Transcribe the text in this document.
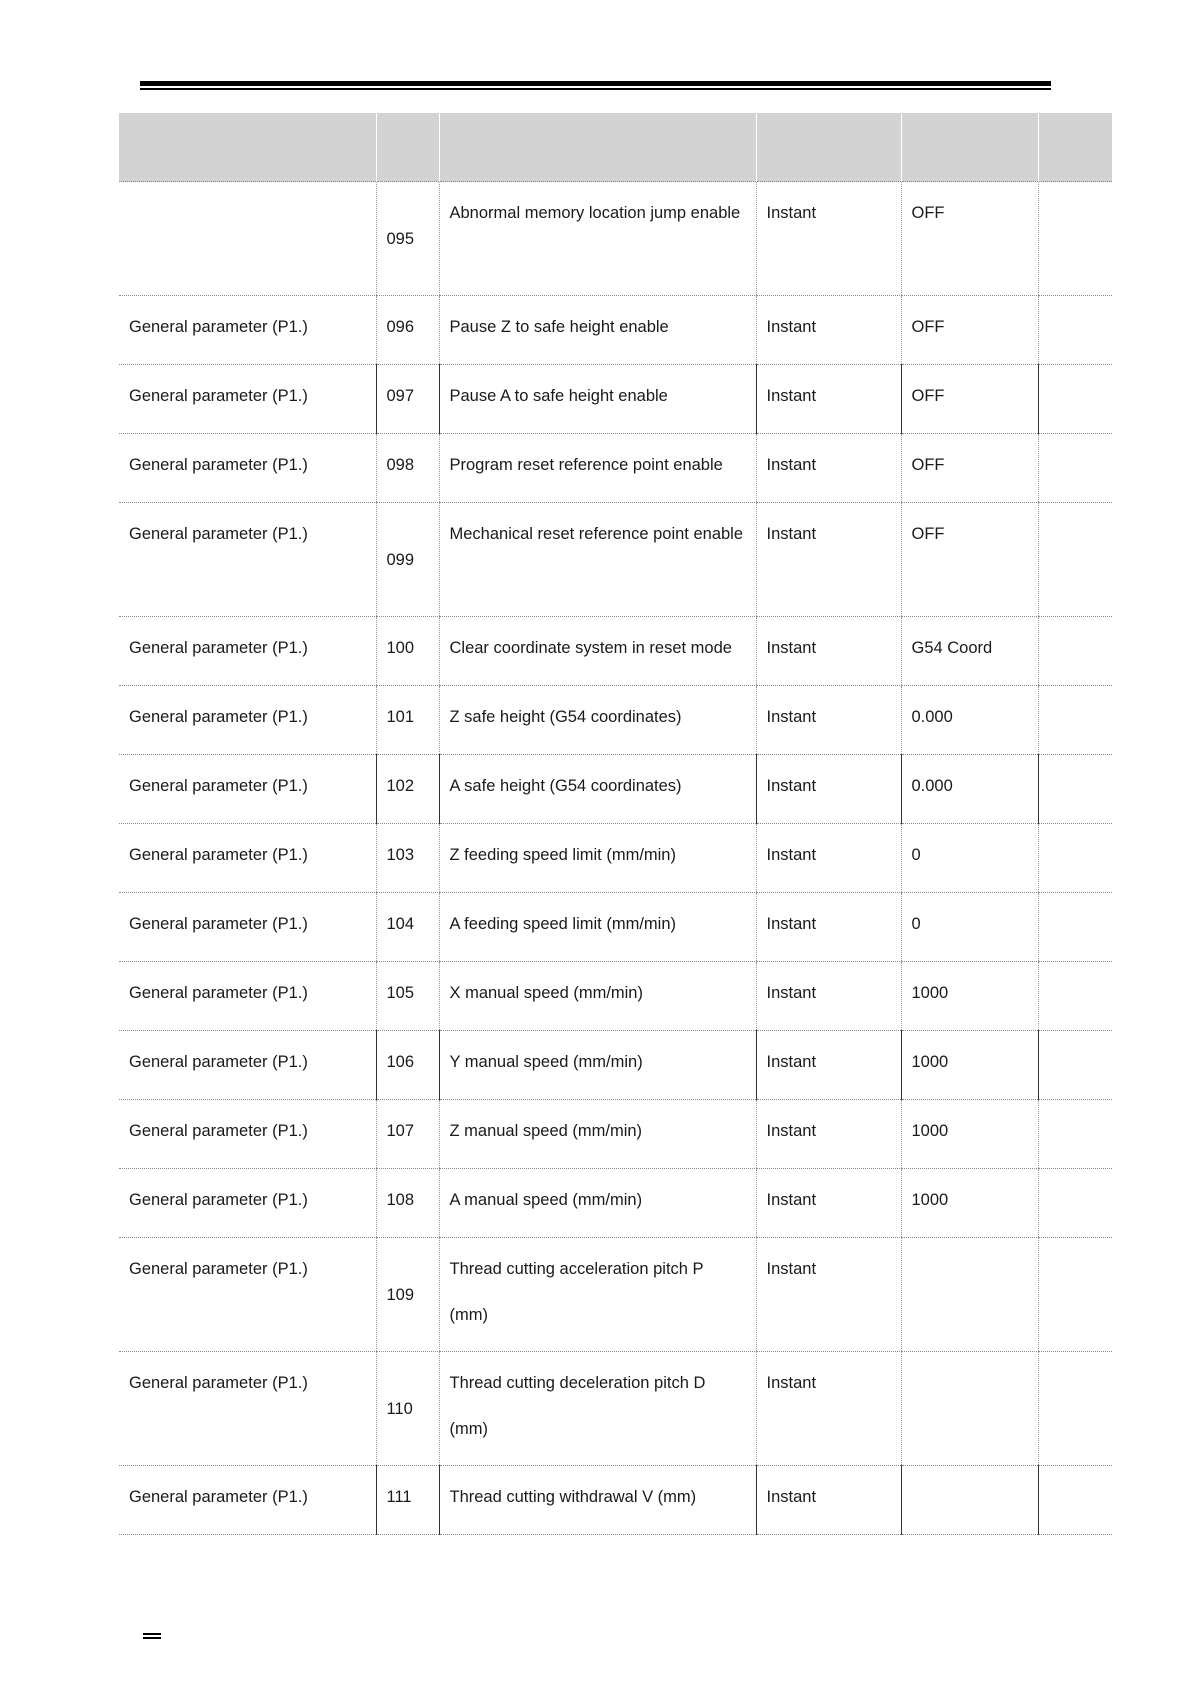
	095	Abnormal memory location jump enable	Instant	OFF	

General parameter (P1.)	096	Pause Z to safe height enable	Instant	OFF	

General parameter (P1.)	097	Pause A to safe height enable	Instant	OFF	

General parameter (P1.)	098	Program reset reference point enable	Instant	OFF	

General parameter (P1.)	099	Mechanical reset reference point enable	Instant	OFF	

General parameter (P1.)	100	Clear coordinate system in reset mode	Instant	G54 Coord	

General parameter (P1.)	101	Z safe height (G54 coordinates)	Instant	0.000	

General parameter (P1.)	102	A safe height (G54 coordinates)	Instant	0.000	

General parameter (P1.)	103	Z feeding speed limit (mm/min)	Instant	0	

General parameter (P1.)	104	A feeding speed limit (mm/min)	Instant	0	

General parameter (P1.)	105	X manual speed (mm/min)	Instant	1000	

General parameter (P1.)	106	Y manual speed (mm/min)	Instant	1000	

General parameter (P1.)	107	Z manual speed (mm/min)	Instant	1000	

General parameter (P1.)	108	A manual speed (mm/min)	Instant	1000	

General parameter (P1.)	109	Thread cutting acceleration pitch P (mm)	Instant		

General parameter (P1.)	110	Thread cutting deceleration pitch D (mm)	Instant		

General parameter (P1.)	111	Thread cutting withdrawal V (mm)	Instant		
